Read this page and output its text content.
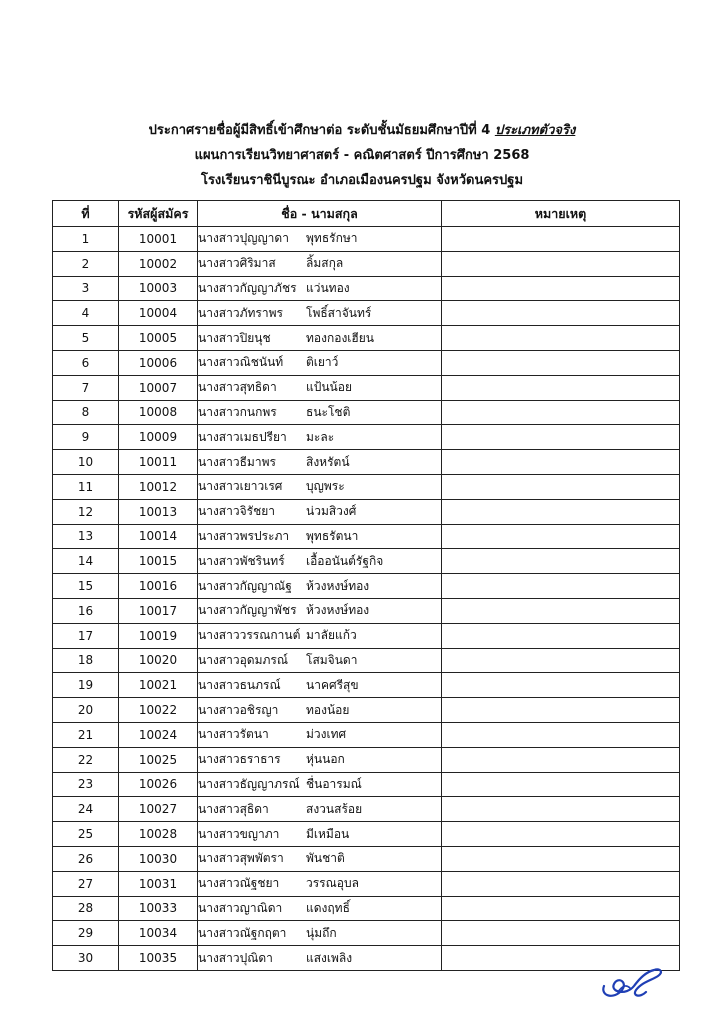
ประกาศรายชื่อผู้มีสิทธิ์เข้าศึกษาต่อ ระดับชั้นมัธยมศึกษาปีที่ 4 ประเภทตัวจริง
แผนการเรียนวิทยาศาสตร์ - คณิตศาสตร์ ปีการศึกษา 2568
โรงเรียนราชินีบูรณะ อำเภอเมืองนครปฐม จังหวัดนครปฐม
ที่	รหัสผู้สมัคร	ชื่อ - นามสกุล	หมายเหตุ
1	10001	นางสาวปุญญาดา พุทธรักษา	
2	10002	นางสาวศิริมาส ลิ้มสกุล	
3	10003	นางสาวกัญญาภัชร แว่นทอง	
4	10004	นางสาวภัทราพร โพธิ์สาจันทร์	
5	10005	นางสาวปิยนุช ทองกองเฮียน	
6	10006	นางสาวณิชนันท์ ติเยาว์	
7	10007	นางสาวสุทธิดา แป้นน้อย	
8	10008	นางสาวกนกพร ธนะโชติ	
9	10009	นางสาวเมธปรียา มะละ	
10	10011	นางสาวธีมาพร สิงหรัตน์	
11	10012	นางสาวเยาวเรศ บุญพระ	
12	10013	นางสาวจิรัชยา น่วมสิวงศ์	
13	10014	นางสาวพรประภา พุทธรัตนา	
14	10015	นางสาวพัชรินทร์ เอื้ออนันต์รัฐกิจ	
15	10016	นางสาวกัญญาณัฐ ห้วงหงษ์ทอง	
16	10017	นางสาวกัญญาพัชร ห้วงหงษ์ทอง	
17	10019	นางสาววรรณกานต์ มาลัยแก้ว	
18	10020	นางสาวอุดมภรณ์ โสมจินดา	
19	10021	นางสาวธนภรณ์ นาคศรีสุข	
20	10022	นางสาวอชิรญา ทองน้อย	
21	10024	นางสาวรัตนา ม่วงเทศ	
22	10025	นางสาวธราธาร หุ่นนอก	
23	10026	นางสาวธัญญาภรณ์ ชื่นอารมณ์	
24	10027	นางสาวสุธิดา สงวนสร้อย	
25	10028	นางสาวขญาภา มีเหมือน	
26	10030	นางสาวสุพพัตรา พันชาติ	
27	10031	นางสาวณัฐชยา วรรณอุบล	
28	10033	นางสาวญาณิดา แดงฤทธิ์	
29	10034	นางสาวณัฐกฤตา นุ่มถึก	
30	10035	นางสาวปุณิดา แสงเพลิง	
